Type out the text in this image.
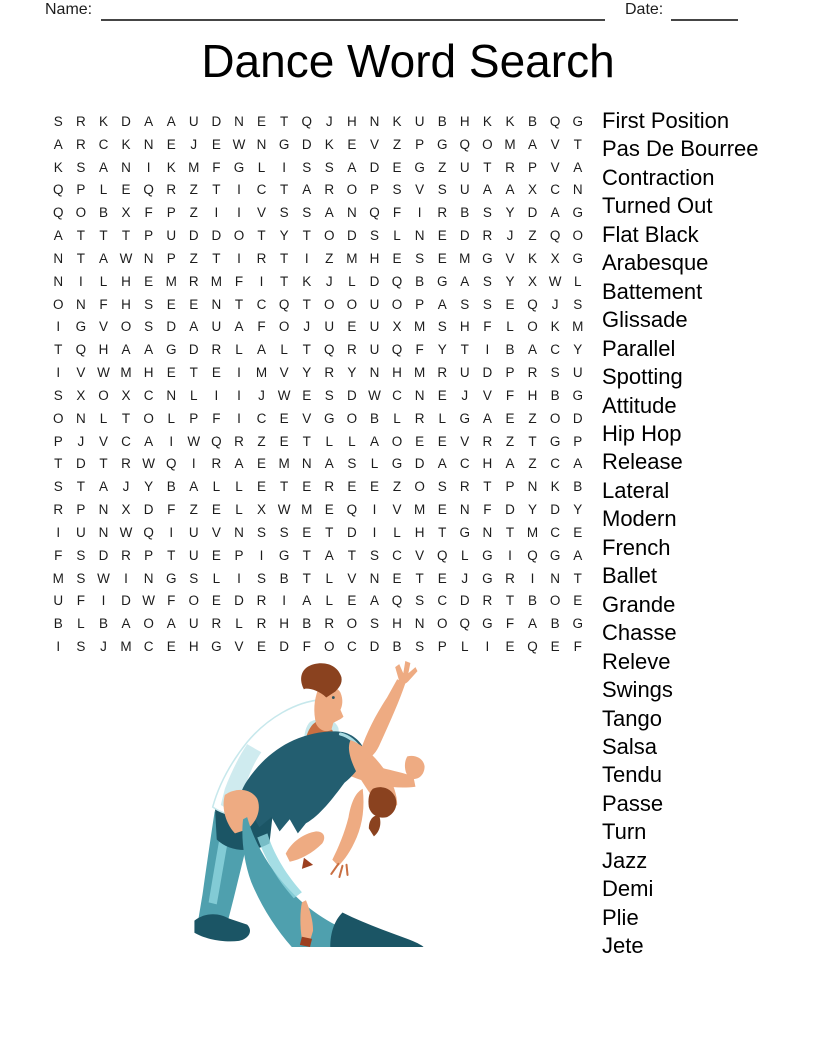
Name:	Date:
Dance Word Search
S R K D A	A U D N E	T Q	J	H N K U B H K	K	B Q G
A R C K N E	J	E W N G D K	E	V	Z	P G Q O M A	V	T
K	S	A N	I	K M F G	L	I	S	S	A D E G Z	U	T	R P	V	A
Q P	L	E Q R	Z	T	I	C	T	A R O P	S	V	S U A	A	X C N
Q O B	X	F	P	Z	I	I	V	S	S	A N Q F	I	R B	S	Y D A G
A	T	T	T	P U D D O T	Y	T O D S	L	N E D R	J	Z Q O
N	T	A W N P	Z	T	I	R	T	I	Z M H E	S	E M G V	K	X G
N	I	L	H E M R M F	I	T	K	J	L	D Q B G A	S	Y	X W L
O N	F	H S	E	E N	T	C Q T O O U O P	A	S	S	E Q	J	S
I	G V O S D A U A	F O	J	U E U X M S H	F	L	O K M
T Q H A	A G D R	L	A	L	T Q R U Q F	Y	T	I	B	A C Y
I	V W M H E	T	E	I	M V	Y R Y N H M R U D P R S U
S	X O X C N	L	I	I	J W E	S D W C N E	J	V	F	H B G
O N	L	T O	L	P	F	I	C E	V G O B	L	R	L	G A	E	Z O D
P	J	V C A	I	W Q R	Z	E	T	L	L	A O E	E	V R	Z	T G P
T	D	T	R W Q	I	R A	E M N A	S	L	G D A C H A	Z	C A
S	T	A	J	Y	B	A	L	L	E	T	E R E	E	Z O S R	T	P N K	B
R P N X D	F	Z	E	L	X W M E Q	I	V M E N	F	D Y D Y
I	U N W Q	I	U V N S	S	E	T	D	I	L	H	T G N	T M C E
F	S D R P	T	U E	P	I	G T	A	T	S C V Q	L	G	I	Q G A
M S W	I	N G S	L	I	S	B	T	L	V N E	T	E	J	G R	I	N	T
U	F	I	D W F O E D R	I	A	L	E	A Q S C D R	T	B O E
B	L	B	A O A U R	L	R H B R O S H N O Q G F	A	B G
I	S	J	M C E H G V	E D	F O C D B	S	P	L	I	E Q E	F
First Position
Pas De Bourree
Contraction
Turned Out
Flat Black
Arabesque
Battement
Glissade
Parallel
Spotting
Attitude
Hip Hop
Release
Lateral
Modern
French
Ballet
Grande
Chasse
Releve
Swings
Tango
Salsa
Tendu
Passe
Turn
Jazz
Demi
Plie
Jete
